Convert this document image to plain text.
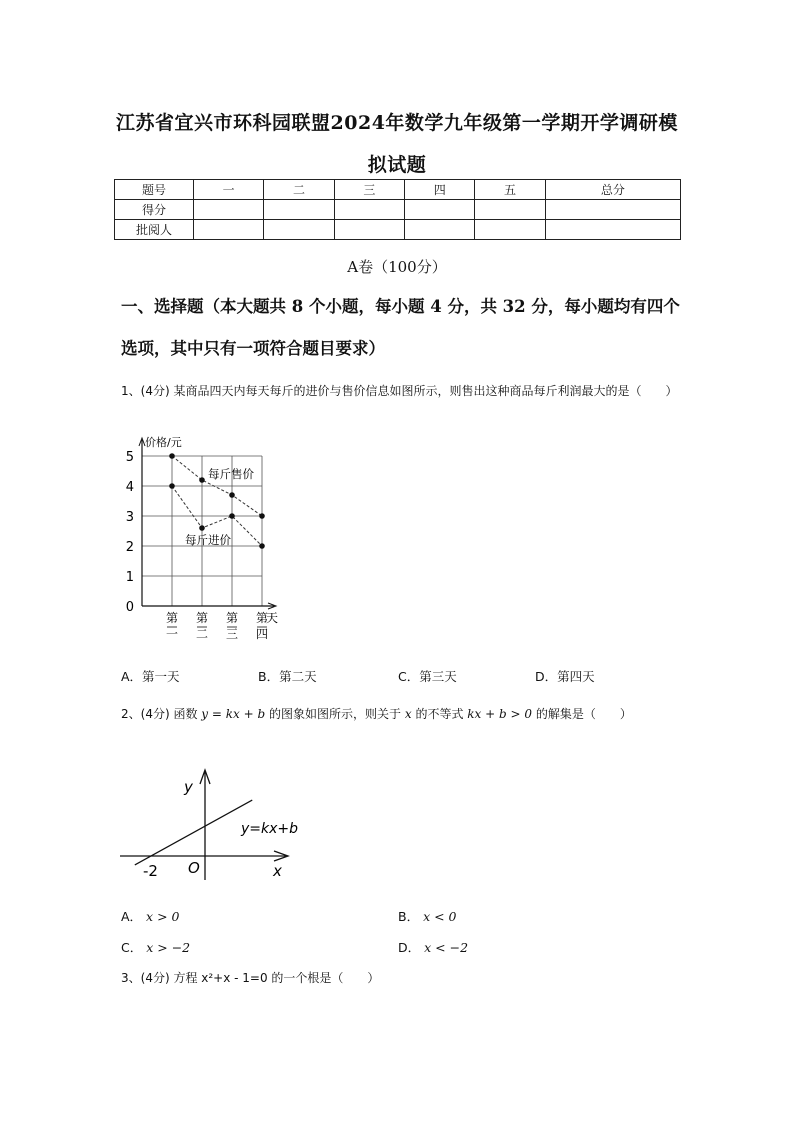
江苏省宜兴市环科园联盟2024年数学九年级第一学期开学调研模
拟试题
题号	一	二	三	四	五	总分
得分						
批阅人						
A卷（100分）
一、选择题（本大题共 8 个小题，每小题 4 分，共 32 分，每小题均有四个选项，其中只有一项符合题目要求）
1、(4分) 某商品四天内每天每斤的进价与售价信息如图所示，则售出这种商品每斤利润最大的是（　　）
0
1
2
3
4
5
价格/元
天
第
一
第
二
第
三
第
四
每斤售价
每斤进价
A．第一天	B．第二天	C．第三天	D．第四天
2、(4分) 函数 y = kx + b 的图象如图所示，则关于 x 的不等式 kx + b > 0 的解集是（　　）
y
x
O
-2
y=kx+b
A． x > 0	B． x < 0
C． x > −2	D． x < −2
3、(4分) 方程 x²+x - 1=0 的一个根是（　　）
